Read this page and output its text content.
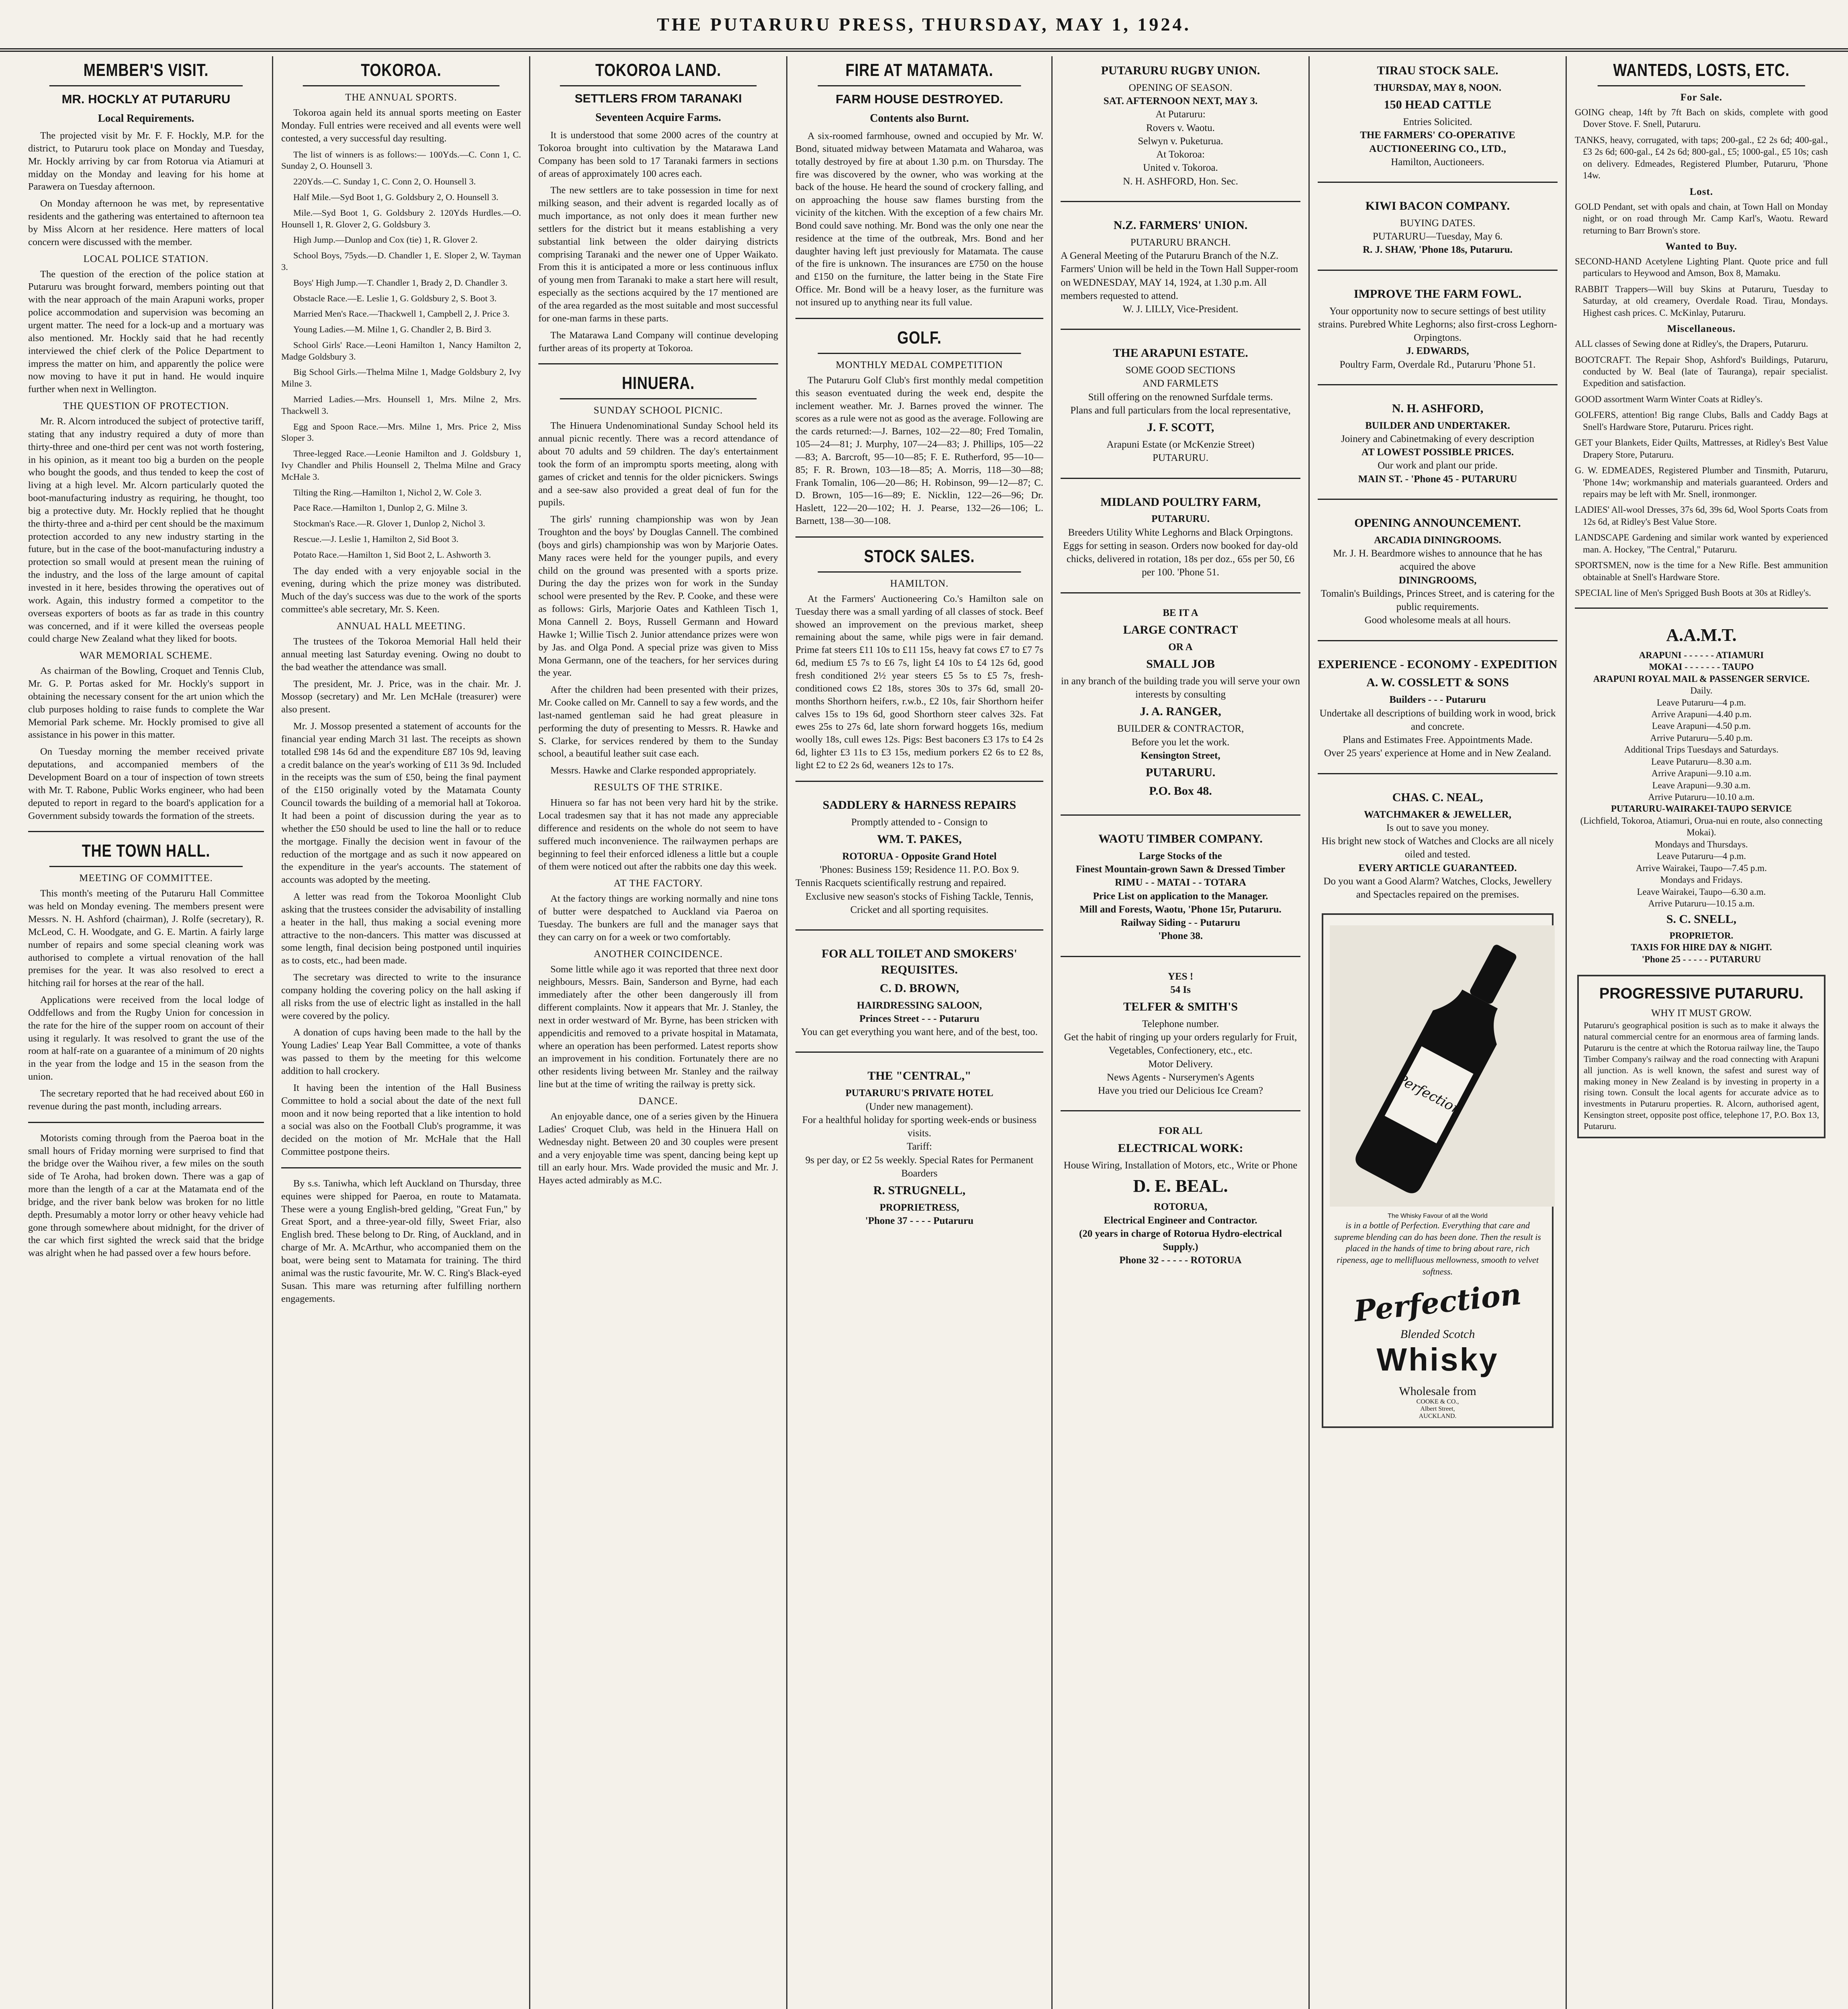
THE PUTARURU PRESS, THURSDAY, MAY 1, 1924.
MEMBER'S VISIT.
MR. HOCKLY AT PUTARURU
Local Requirements.

The projected visit by Mr. F. F. Hockly, M.P. for the district, to Putaruru took place on Monday and Tuesday, Mr. Hockly arriving by car from Rotorua via Atiamuri at midday on the Monday and leaving for his home at Parawera on Tuesday afternoon.

On Monday afternoon he was met, by representative residents and the gathering was entertained to afternoon tea by Miss Alcorn at her residence. Here matters of local concern were discussed with the member.

LOCAL POLICE STATION.

The question of the erection of the police station at Putaruru was brought forward, members pointing out that with the near approach of the main Arapuni works, proper police accommodation and supervision was becoming an urgent matter. The need for a lock-up and a mortuary was also mentioned. Mr. Hockly said that he had recently interviewed the chief clerk of the Police Department to impress the matter on him, and apparently the police were now moving to have it put in hand. He would inquire further when next in Wellington.

THE QUESTION OF PROTECTION.

Mr. R. Alcorn introduced the subject of protective tariff, stating that any industry required a duty of more than thirty-three and one-third per cent was not worth fostering, in his opinion, as it meant too big a burden on the people who bought the goods, and thus tended to keep the cost of living at a high level. Mr. Alcorn particularly quoted the boot-manufacturing industry as requiring, he thought, too big a protective duty. Mr. Hockly replied that he thought the thirty-three and a-third per cent should be the maximum protection accorded to any new industry starting in the future, but in the case of the boot-manufacturing industry a protection so small would at present mean the ruining of the industry, and the loss of the large amount of capital invested in it here, besides throwing the operatives out of work. Again, this industry formed a competitor to the overseas exporters of boots as far as trade in this country was concerned, and if it were killed the overseas people could charge New Zealand what they liked for boots.

WAR MEMORIAL SCHEME.

As chairman of the Bowling, Croquet and Tennis Club, Mr. G. P. Portas asked for Mr. Hockly's support in obtaining the necessary consent for the art union which the club purposes holding to raise funds to complete the War Memorial Park scheme. Mr. Hockly promised to give all assistance in his power in this matter.

On Tuesday morning the member received private deputations, and accompanied members of the Development Board on a tour of inspection of town streets with Mr. T. Rabone, Public Works engineer, who had been deputed to report in regard to the board's application for a Government subsidy towards the formation of the streets.

THE TOWN HALL.
MEETING OF COMMITTEE.

This month's meeting of the Putaruru Hall Committee was held on Monday evening. The members present were Messrs. N. H. Ashford (chairman), J. Rolfe (secretary), R. McLeod, C. H. Woodgate, and G. E. Martin. A fairly large number of repairs and some special cleaning work was authorised to complete a virtual renovation of the hall premises for the year. It was also resolved to erect a hitching rail for horses at the rear of the hall.

Applications were received from the local lodge of Oddfellows and from the Rugby Union for concession in the rate for the hire of the supper room on account of their using it regularly. It was resolved to grant the use of the room at half-rate on a guarantee of a minimum of 20 nights in the year from the lodge and 15 in the season from the union.

The secretary reported that he had received about £60 in revenue during the past month, including arrears.

Motorists coming through from the Paeroa boat in the small hours of Friday morning were surprised to find that the bridge over the Waihou river, a few miles on the south side of Te Aroha, had broken down. There was a gap of more than the length of a car at the Matamata end of the bridge, and the river bank below was broken for no little depth. Presumably a motor lorry or other heavy vehicle had gone through somewhere about midnight, for the driver of the car which first sighted the wreck said that the bridge was alright when he had passed over a few hours before.

TOKOROA.
THE ANNUAL SPORTS.

Tokoroa again held its annual sports meeting on Easter Monday. Full entries were received and all events were well contested, a very successful day resulting.

The list of winners is as follows:— 100Yds.—C. Conn 1, C. Sunday 2, O. Hounsell 3.

220Yds.—C. Sunday 1, C. Conn 2, O. Hounsell 3.

Half Mile.—Syd Boot 1, G. Goldsbury 2, O. Hounsell 3.

Mile.—Syd Boot 1, G. Goldsbury 2. 120Yds Hurdles.—O. Hounsell 1, R. Glover 2, G. Goldsbury 3.

High Jump.—Dunlop and Cox (tie) 1, R. Glover 2.

School Boys, 75yds.—D. Chandler 1, E. Sloper 2, W. Tayman 3.

Boys' High Jump.—T. Chandler 1, Brady 2, D. Chandler 3.

Obstacle Race.—E. Leslie 1, G. Goldsbury 2, S. Boot 3.

Married Men's Race.—Thackwell 1, Campbell 2, J. Price 3.

Young Ladies.—M. Milne 1, G. Chandler 2, B. Bird 3.

School Girls' Race.—Leoni Hamilton 1, Nancy Hamilton 2, Madge Goldsbury 3.

Big School Girls.—Thelma Milne 1, Madge Goldsbury 2, Ivy Milne 3.

Married Ladies.—Mrs. Hounsell 1, Mrs. Milne 2, Mrs. Thackwell 3.

Egg and Spoon Race.—Mrs. Milne 1, Mrs. Price 2, Miss Sloper 3.

Three-legged Race.—Leonie Hamilton and J. Goldsbury 1, Ivy Chandler and Philis Hounsell 2, Thelma Milne and Gracy McHale 3.

Tilting the Ring.—Hamilton 1, Nichol 2, W. Cole 3.

Pace Race.—Hamilton 1, Dunlop 2, G. Milne 3.

Stockman's Race.—R. Glover 1, Dunlop 2, Nichol 3.

Rescue.—J. Leslie 1, Hamilton 2, Sid Boot 3.

Potato Race.—Hamilton 1, Sid Boot 2, L. Ashworth 3.

The day ended with a very enjoyable social in the evening, during which the prize money was distributed. Much of the day's success was due to the work of the sports committee's able secretary, Mr. S. Keen.

ANNUAL HALL MEETING.

The trustees of the Tokoroa Memorial Hall held their annual meeting last Saturday evening. Owing no doubt to the bad weather the attendance was small.

The president, Mr. J. Price, was in the chair. Mr. J. Mossop (secretary) and Mr. Len McHale (treasurer) were also present.

Mr. J. Mossop presented a statement of accounts for the financial year ending March 31 last. The receipts as shown totalled £98 14s 6d and the expenditure £87 10s 9d, leaving a credit balance on the year's working of £11 3s 9d. Included in the receipts was the sum of £50, being the final payment of the £150 originally voted by the Matamata County Council towards the building of a memorial hall at Tokoroa. It had been a point of discussion during the year as to whether the £50 should be used to line the hall or to reduce the mortgage. Finally the decision went in favour of the reduction of the mortgage and as such it now appeared on the expenditure in the year's accounts. The statement of accounts was adopted by the meeting.

A letter was read from the Tokoroa Moonlight Club asking that the trustees consider the advisability of installing a heater in the hall, thus making a social evening more attractive to the non-dancers. This matter was discussed at some length, final decision being postponed until inquiries as to costs, etc., had been made.

The secretary was directed to write to the insurance company holding the covering policy on the hall asking if all risks from the use of electric light as installed in the hall were covered by the policy.

A donation of cups having been made to the hall by the Young Ladies' Leap Year Ball Committee, a vote of thanks was passed to them by the meeting for this welcome addition to hall crockery.

It having been the intention of the Hall Business Committee to hold a social about the date of the next full moon and it now being reported that a like intention to hold a social was also on the Football Club's programme, it was decided on the motion of Mr. McHale that the Hall Committee postpone theirs.

By s.s. Taniwha, which left Auckland on Thursday, three equines were shipped for Paeroa, en route to Matamata. These were a young English-bred gelding, "Great Fun," by Great Sport, and a three-year-old filly, Sweet Friar, also English bred. These belong to Dr. Ring, of Auckland, and in charge of Mr. A. McArthur, who accompanied them on the boat, were being sent to Matamata for training. The third animal was the rustic favourite, Mr. W. C. Ring's Black-eyed Susan. This mare was returning after fulfilling northern engagements.

TOKOROA LAND.
SETTLERS FROM TARANAKI
Seventeen Acquire Farms.

It is understood that some 2000 acres of the country at Tokoroa brought into cultivation by the Matarawa Land Company has been sold to 17 Taranaki farmers in sections of areas of approximately 100 acres each.

The new settlers are to take possession in time for next milking season, and their advent is regarded locally as of much importance, as not only does it mean further new settlers for the district but it means establishing a very substantial link between the older dairying districts comprising Taranaki and the newer one of Upper Waikato. From this it is anticipated a more or less continuous influx of young men from Taranaki to make a start here will result, especially as the sections acquired by the 17 mentioned are of the area regarded as the most suitable and most successful for one-man farms in these parts.

The Matarawa Land Company will continue developing further areas of its property at Tokoroa.

HINUERA.
SUNDAY SCHOOL PICNIC.

The Hinuera Undenominational Sunday School held its annual picnic recently. There was a record attendance of about 70 adults and 59 children. The day's entertainment took the form of an impromptu sports meeting, along with games of cricket and tennis for the older picnickers. Swings and a see-saw also provided a great deal of fun for the pupils.

The girls' running championship was won by Jean Troughton and the boys' by Douglas Cannell. The combined (boys and girls) championship was won by Marjorie Oates. Many races were held for the younger pupils, and every child on the ground was presented with a sports prize. During the day the prizes won for work in the Sunday school were presented by the Rev. P. Cooke, and these were as follows: Girls, Marjorie Oates and Kathleen Tisch 1, Mona Cannell 2. Boys, Russell Germann and Howard Hawke 1; Willie Tisch 2. Junior attendance prizes were won by Jas. and Olga Pond. A special prize was given to Miss Mona Germann, one of the teachers, for her services during the year.

After the children had been presented with their prizes, Mr. Cooke called on Mr. Cannell to say a few words, and the last-named gentleman said he had great pleasure in performing the duty of presenting to Messrs. R. Hawke and S. Clarke, for services rendered by them to the Sunday school, a beautiful leather suit case each.

Messrs. Hawke and Clarke responded appropriately.

RESULTS OF THE STRIKE.

Hinuera so far has not been very hard hit by the strike. Local tradesmen say that it has not made any appreciable difference and residents on the whole do not seem to have suffered much inconvenience. The railwaymen perhaps are beginning to feel their enforced idleness a little but a couple of them were noticed out after the rabbits one day this week.

AT THE FACTORY.

At the factory things are working normally and nine tons of butter were despatched to Auckland via Paeroa on Tuesday. The bunkers are full and the manager says that they can carry on for a week or two comfortably.

ANOTHER COINCIDENCE.

Some little while ago it was reported that three next door neighbours, Messrs. Bain, Sanderson and Byrne, had each immediately after the other been dangerously ill from different complaints. Now it appears that Mr. J. Stanley, the next in order westward of Mr. Byrne, has been stricken with appendicitis and removed to a private hospital in Matamata, where an operation has been performed. Latest reports show an improvement in his condition. Fortunately there are no other residents living between Mr. Stanley and the railway line but at the time of writing the railway is pretty sick.

DANCE.

An enjoyable dance, one of a series given by the Hinuera Ladies' Croquet Club, was held in the Hinuera Hall on Wednesday night. Between 20 and 30 couples were present and a very enjoyable time was spent, dancing being kept up till an early hour. Mrs. Wade provided the music and Mr. J. Hayes acted admirably as M.C.

FIRE AT MATAMATA.
FARM HOUSE DESTROYED.
Contents also Burnt.

A six-roomed farmhouse, owned and occupied by Mr. W. Bond, situated midway between Matamata and Waharoa, was totally destroyed by fire at about 1.30 p.m. on Thursday. The fire was discovered by the owner, who was working at the back of the house. He heard the sound of crockery falling, and on approaching the house saw flames bursting from the vicinity of the kitchen. With the exception of a few chairs Mr. Bond could save nothing. Mr. Bond was the only one near the residence at the time of the outbreak, Mrs. Bond and her daughter having left just previously for Matamata. The cause of the fire is unknown. The insurances are £750 on the house and £150 on the furniture, the latter being in the State Fire Office. Mr. Bond will be a heavy loser, as the furniture was not insured up to anything near its full value.

GOLF.
MONTHLY MEDAL COMPETITION

The Putaruru Golf Club's first monthly medal competition this season eventuated during the week end, despite the inclement weather. Mr. J. Barnes proved the winner. The scores as a rule were not as good as the average. Following are the cards returned:—J. Barnes, 102—22—80; Fred Tomalin, 105—24—81; J. Murphy, 107—24—83; J. Phillips, 105—22—83; A. Barcroft, 95—10—85; F. E. Rutherford, 95—10—85; F. R. Brown, 103—18—85; A. Morris, 118—30—88; Frank Tomalin, 106—20—86; H. Robinson, 99—12—87; C. D. Brown, 105—16—89; E. Nicklin, 122—26—96; Dr. Haslett, 122—20—102; H. J. Pearse, 132—26—106; L. Barnett, 138—30—108.

STOCK SALES.
HAMILTON.

At the Farmers' Auctioneering Co.'s Hamilton sale on Tuesday there was a small yarding of all classes of stock. Beef showed an improvement on the previous market, sheep remaining about the same, while pigs were in fair demand. Prime fat steers £11 10s to £11 15s, heavy fat cows £7 to £7 7s 6d, medium £5 7s to £6 7s, light £4 10s to £4 12s 6d, good fresh conditioned 2½ year steers £5 5s to £5 7s, fresh-conditioned cows £2 18s, stores 30s to 37s 6d, small 20-months Shorthorn heifers, r.w.b., £2 10s, fair Shorthorn heifer calves 15s to 19s 6d, good Shorthorn steer calves 32s. Fat ewes 25s to 27s 6d, late shorn forward hoggets 16s, medium woolly 18s, cull ewes 12s. Pigs: Best baconers £3 17s to £4 2s 6d, lighter £3 11s to £3 15s, medium porkers £2 6s to £2 8s, light £2 to £2 2s 6d, weaners 12s to 17s.

SADDLERY & HARNESS REPAIRS
Promptly attended to - Consign to
WM. T. PAKES,
ROTORUA - Opposite Grand Hotel
'Phones: Business 159; Residence 11. P.O. Box 9.
Tennis Racquets scientifically restrung and repaired.
Exclusive new season's stocks of Fishing Tackle, Tennis, Cricket and all sporting requisites.
FOR ALL TOILET AND SMOKERS' REQUISITES.
C. D. BROWN,
HAIRDRESSING SALOON,
Princes Street - - - Putaruru
You can get everything you want here, and of the best, too.
THE "CENTRAL,"
PUTARURU'S PRIVATE HOTEL
(Under new management).
For a healthful holiday for sporting week-ends or business visits.
Tariff:
9s per day, or £2 5s weekly. Special Rates for Permanent Boarders
R. STRUGNELL,
PROPRIETRESS,
'Phone 37 - - - - Putaruru
PUTARURU RUGBY UNION.
OPENING OF SEASON.
SAT. AFTERNOON NEXT, MAY 3.
At Putaruru:
Rovers v. Waotu.
Selwyn v. Puketurua.
At Tokoroa:
United v. Tokoroa.
N. H. ASHFORD, Hon. Sec.
N.Z. FARMERS' UNION.
PUTARURU BRANCH.
A General Meeting of the Putaruru Branch of the N.Z. Farmers' Union will be held in the Town Hall Supper-room on WEDNESDAY, MAY 14, 1924, at 1.30 p.m. All members requested to attend.
W. J. LILLY, Vice-President.
THE ARAPUNI ESTATE.
SOME GOOD SECTIONS
AND FARMLETS
Still offering on the renowned Surfdale terms.
Plans and full particulars from the local representative,
J. F. SCOTT,
Arapuni Estate (or McKenzie Street)
PUTARURU.
MIDLAND POULTRY FARM,
PUTARURU.
Breeders Utility White Leghorns and Black Orpingtons. Eggs for setting in season. Orders now booked for day-old chicks, delivered in rotation, 18s per doz., 65s per 50, £6 per 100. 'Phone 51.
BE IT A
LARGE CONTRACT
OR A
SMALL JOB
in any branch of the building trade you will serve your own interests by consulting
J. A. RANGER,
BUILDER & CONTRACTOR,
Before you let the work.
Kensington Street,
PUTARURU.
P.O. Box 48.
WAOTU TIMBER COMPANY.
Large Stocks of the
Finest Mountain-grown Sawn & Dressed Timber
RIMU - - MATAI - - TOTARA
Price List on application to the Manager.
Mill and Forests, Waotu, 'Phone 15r, Putaruru.
Railway Siding - - Putaruru
'Phone 38.
YES !
54 Is
TELFER & SMITH'S
Telephone number.
Get the habit of ringing up your orders regularly for Fruit, Vegetables, Confectionery, etc., etc.
Motor Delivery.
News Agents - Nurserymen's Agents
Have you tried our Delicious Ice Cream?
FOR ALL
ELECTRICAL WORK:
House Wiring, Installation of Motors, etc., Write or Phone
D. E. BEAL.
ROTORUA,
Electrical Engineer and Contractor.
(20 years in charge of Rotorua Hydro-electrical Supply.)
Phone 32 - - - - - ROTORUA
TIRAU STOCK SALE.
THURSDAY, MAY 8, NOON.
150 HEAD CATTLE
Entries Solicited.
THE FARMERS' CO-OPERATIVE AUCTIONEERING CO., LTD.,
Hamilton, Auctioneers.
KIWI BACON COMPANY.
BUYING DATES.
PUTARURU—Tuesday, May 6.
R. J. SHAW, 'Phone 18s, Putaruru.
IMPROVE THE FARM FOWL.
Your opportunity now to secure settings of best utility strains. Purebred White Leghorns; also first-cross Leghorn-Orpingtons.
J. EDWARDS,
Poultry Farm, Overdale Rd., Putaruru 'Phone 51.
N. H. ASHFORD,
BUILDER AND UNDERTAKER.
Joinery and Cabinetmaking of every description
AT LOWEST POSSIBLE PRICES.
Our work and plant our pride.
MAIN ST. - 'Phone 45 - PUTARURU
OPENING ANNOUNCEMENT.
ARCADIA DININGROOMS.
Mr. J. H. Beardmore wishes to announce that he has acquired the above
DININGROOMS,
Tomalin's Buildings, Princes Street, and is catering for the public requirements.
Good wholesome meals at all hours.
EXPERIENCE - ECONOMY - EXPEDITION
A. W. COSSLETT & SONS
Builders - - - Putaruru
Undertake all descriptions of building work in wood, brick and concrete.
Plans and Estimates Free. Appointments Made.
Over 25 years' experience at Home and in New Zealand.
CHAS. C. NEAL,
WATCHMAKER & JEWELLER,
Is out to save you money.
His bright new stock of Watches and Clocks are all nicely oiled and tested.
EVERY ARTICLE GUARANTEED.
Do you want a Good Alarm? Watches, Clocks, Jewellery and Spectacles repaired on the premises.
Perfection
The Whisky Favour of all the World
is in a bottle of Perfection. Everything that care and supreme blending can do has been done. Then the result is placed in the hands of time to bring about rare, rich ripeness, age to mellifluous mellowness, smooth to velvet softness.
Perfection
Blended Scotch
Whisky
Wholesale from
COOKE & CO.,
Albert Street,
AUCKLAND.
WANTEDS, LOSTS, ETC.
For Sale.
GOING cheap, 14ft by 7ft Bach on skids, complete with good Dover Stove. F. Snell, Putaruru.
TANKS, heavy, corrugated, with taps; 200-gal., £2 2s 6d; 400-gal., £3 2s 6d; 600-gal., £4 2s 6d; 800-gal., £5; 1000-gal., £5 10s; cash on delivery. Edmeades, Registered Plumber, Putaruru, 'Phone 14w.
Lost.
GOLD Pendant, set with opals and chain, at Town Hall on Monday night, or on road through Mr. Camp Karl's, Waotu. Reward returning to Barr Brown's store.
Wanted to Buy.
SECOND-HAND Acetylene Lighting Plant. Quote price and full particulars to Heywood and Amson, Box 8, Mamaku.
RABBIT Trappers—Will buy Skins at Putaruru, Tuesday to Saturday, at old creamery, Overdale Road. Tirau, Mondays. Highest cash prices. C. McKinlay, Putaruru.
Miscellaneous.
ALL classes of Sewing done at Ridley's, the Drapers, Putaruru.
BOOTCRAFT. The Repair Shop, Ashford's Buildings, Putaruru, conducted by W. Beal (late of Tauranga), repair specialist. Expedition and satisfaction.
GOOD assortment Warm Winter Coats at Ridley's.
GOLFERS, attention! Big range Clubs, Balls and Caddy Bags at Snell's Hardware Store, Putaruru. Prices right.
GET your Blankets, Eider Quilts, Mattresses, at Ridley's Best Value Drapery Store, Putaruru.
G. W. EDMEADES, Registered Plumber and Tinsmith, Putaruru, 'Phone 14w; workmanship and materials guaranteed. Orders and repairs may be left with Mr. Snell, ironmonger.
LADIES' All-wool Dresses, 37s 6d, 39s 6d, Wool Sports Coats from 12s 6d, at Ridley's Best Value Store.
LANDSCAPE Gardening and similar work wanted by experienced man. A. Hockey, "The Central," Putaruru.
SPORTSMEN, now is the time for a New Rifle. Best ammunition obtainable at Snell's Hardware Store.
SPECIAL line of Men's Sprigged Bush Boots at 30s at Ridley's.
A.A.M.T.
ARAPUNI - - - - - - ATIAMURI
MOKAI - - - - - - - TAUPO
ARAPUNI ROYAL MAIL & PASSENGER SERVICE.
Daily.
Leave Putaruru—4 p.m.
Arrive Arapuni—4.40 p.m.
Leave Arapuni—4.50 p.m.
Arrive Putaruru—5.40 p.m.
Additional Trips Tuesdays and Saturdays.
Leave Putaruru—8.30 a.m.
Arrive Arapuni—9.10 a.m.
Leave Arapuni—9.30 a.m.
Arrive Putaruru—10.10 a.m.
PUTARURU-WAIRAKEI-TAUPO SERVICE
(Lichfield, Tokoroa, Atiamuri, Orua-nui en route, also connecting Mokai).
Mondays and Thursdays.
Leave Putaruru—4 p.m.
Arrive Wairakei, Taupo—7.45 p.m.
Mondays and Fridays.
Leave Wairakei, Taupo—6.30 a.m.
Arrive Putaruru—10.15 a.m.
S. C. SNELL,
PROPRIETOR.
TAXIS FOR HIRE DAY & NIGHT.
'Phone 25 - - - - - PUTARURU
PROGRESSIVE PUTARURU.
WHY IT MUST GROW.
Putaruru's geographical position is such as to make it always the natural commercial centre for an enormous area of farming lands. Putaruru is the centre at which the Rotorua railway line, the Taupo Timber Company's railway and the road connecting with Arapuni all junction. As is well known, the safest and surest way of making money in New Zealand is by investing in property in a rising town. Consult the local agents for accurate advice as to investments in Putaruru properties. R. Alcorn, authorised agent, Kensington street, opposite post office, telephone 17, P.O. Box 13, Putaruru.
